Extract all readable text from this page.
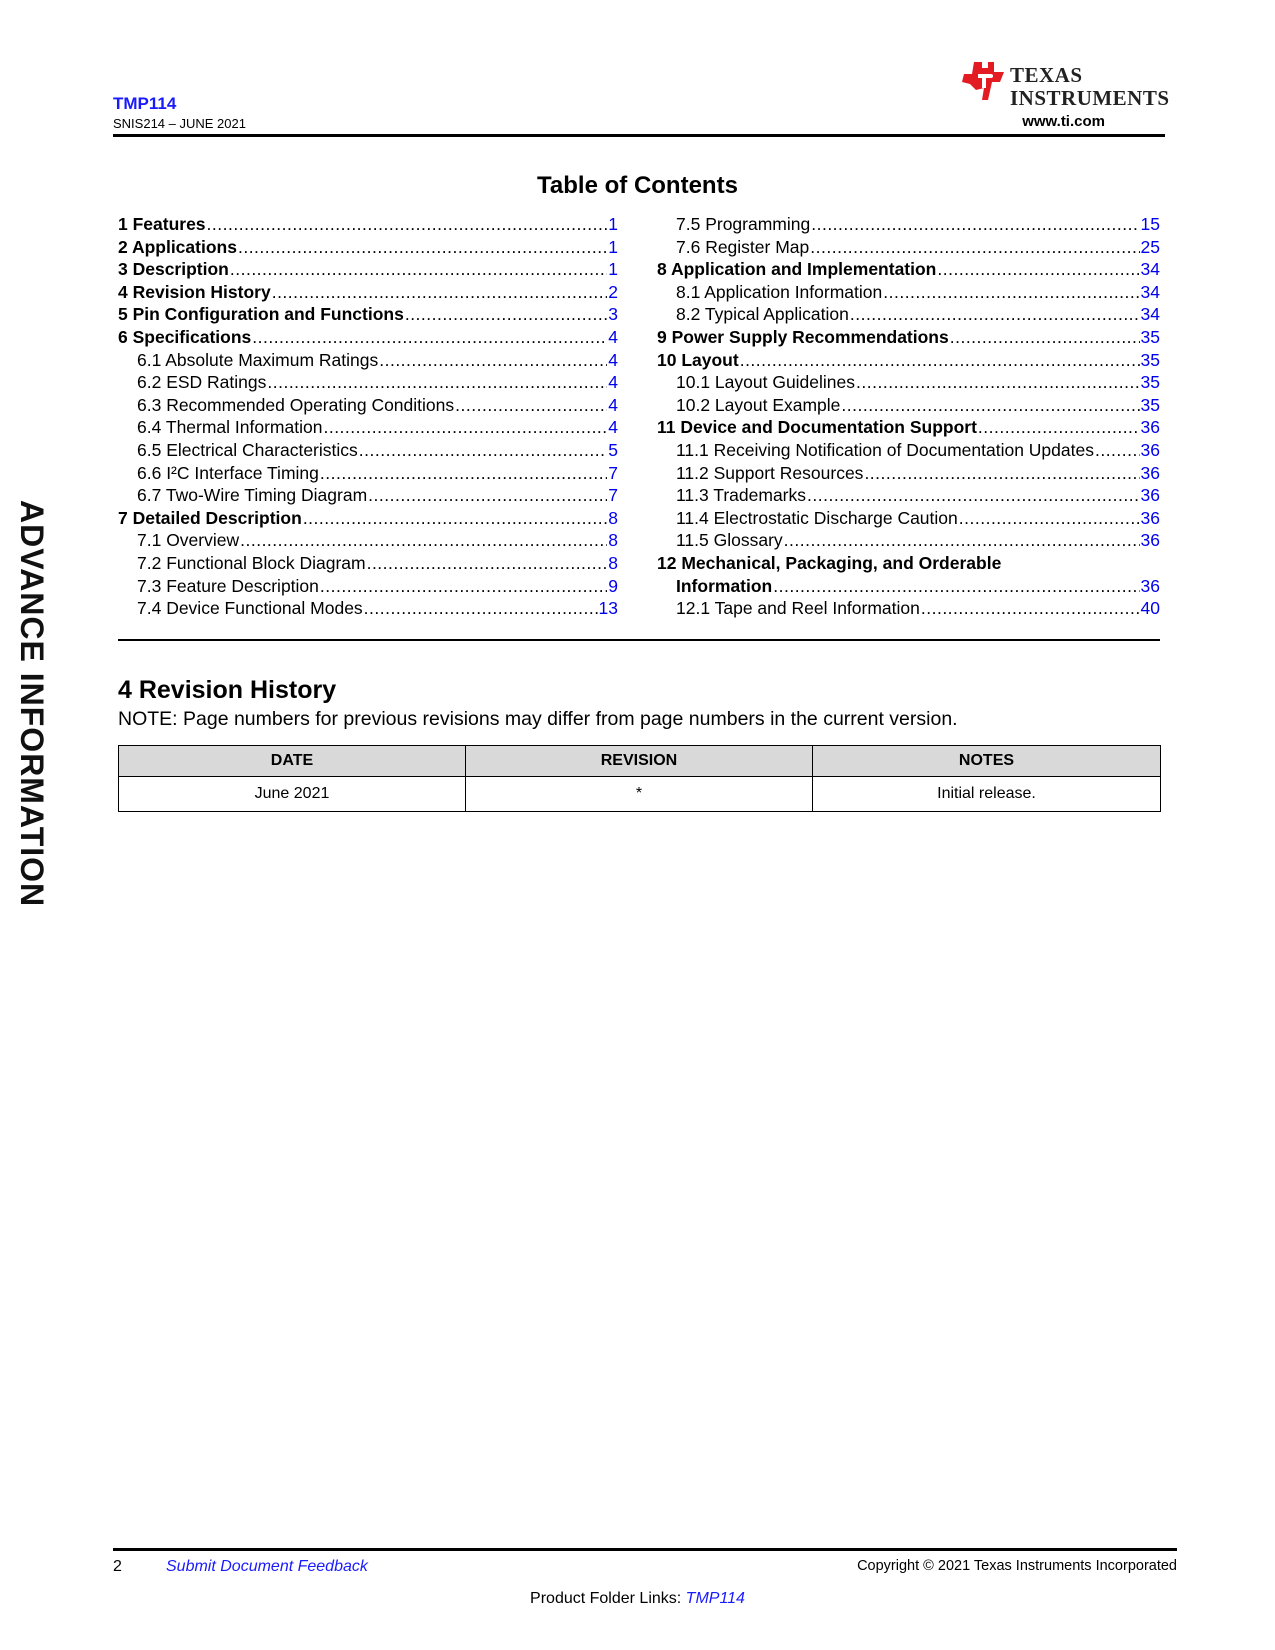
TMP114
SNIS214 – JUNE 2021	www.ti.com
TEXAS
INSTRUMENTS
ADVANCE INFORMATION
Table of Contents
1 Features .....	1
2 Applications .....	1
3 Description .....	1
4 Revision History .....	2
5 Pin Configuration and Functions .....	3
6 Specifications .....	4
6.1 Absolute Maximum Ratings .....	4
6.2 ESD Ratings .....	4
6.3 Recommended Operating Conditions .....	4
6.4 Thermal Information .....	4
6.5 Electrical Characteristics .....	5
6.6 I²C Interface Timing .....	7
6.7 Two-Wire Timing Diagram .....	7
7 Detailed Description .....	8
7.1 Overview .....	8
7.2 Functional Block Diagram .....	8
7.3 Feature Description .....	9
7.4 Device Functional Modes .....	13
7.5 Programming .....	15
7.6 Register Map .....	25
8 Application and Implementation .....	34
8.1 Application Information .....	34
8.2 Typical Application .....	34
9 Power Supply Recommendations .....	35
10 Layout .....	35
10.1 Layout Guidelines .....	35
10.2 Layout Example .....	35
11 Device and Documentation Support .....	36
11.1 Receiving Notification of Documentation Updates .....	36
11.2 Support Resources .....	36
11.3 Trademarks .....	36
11.4 Electrostatic Discharge Caution .....	36
11.5 Glossary .....	36
12 Mechanical, Packaging, and Orderable
Information .....	36
12.1 Tape and Reel Information .....	40
4 Revision History
NOTE: Page numbers for previous revisions may differ from page numbers in the current version.
DATE	REVISION	NOTES
June 2021	*	Initial release.
2	Submit Document Feedback	Copyright © 2021 Texas Instruments Incorporated
Product Folder Links: TMP114
